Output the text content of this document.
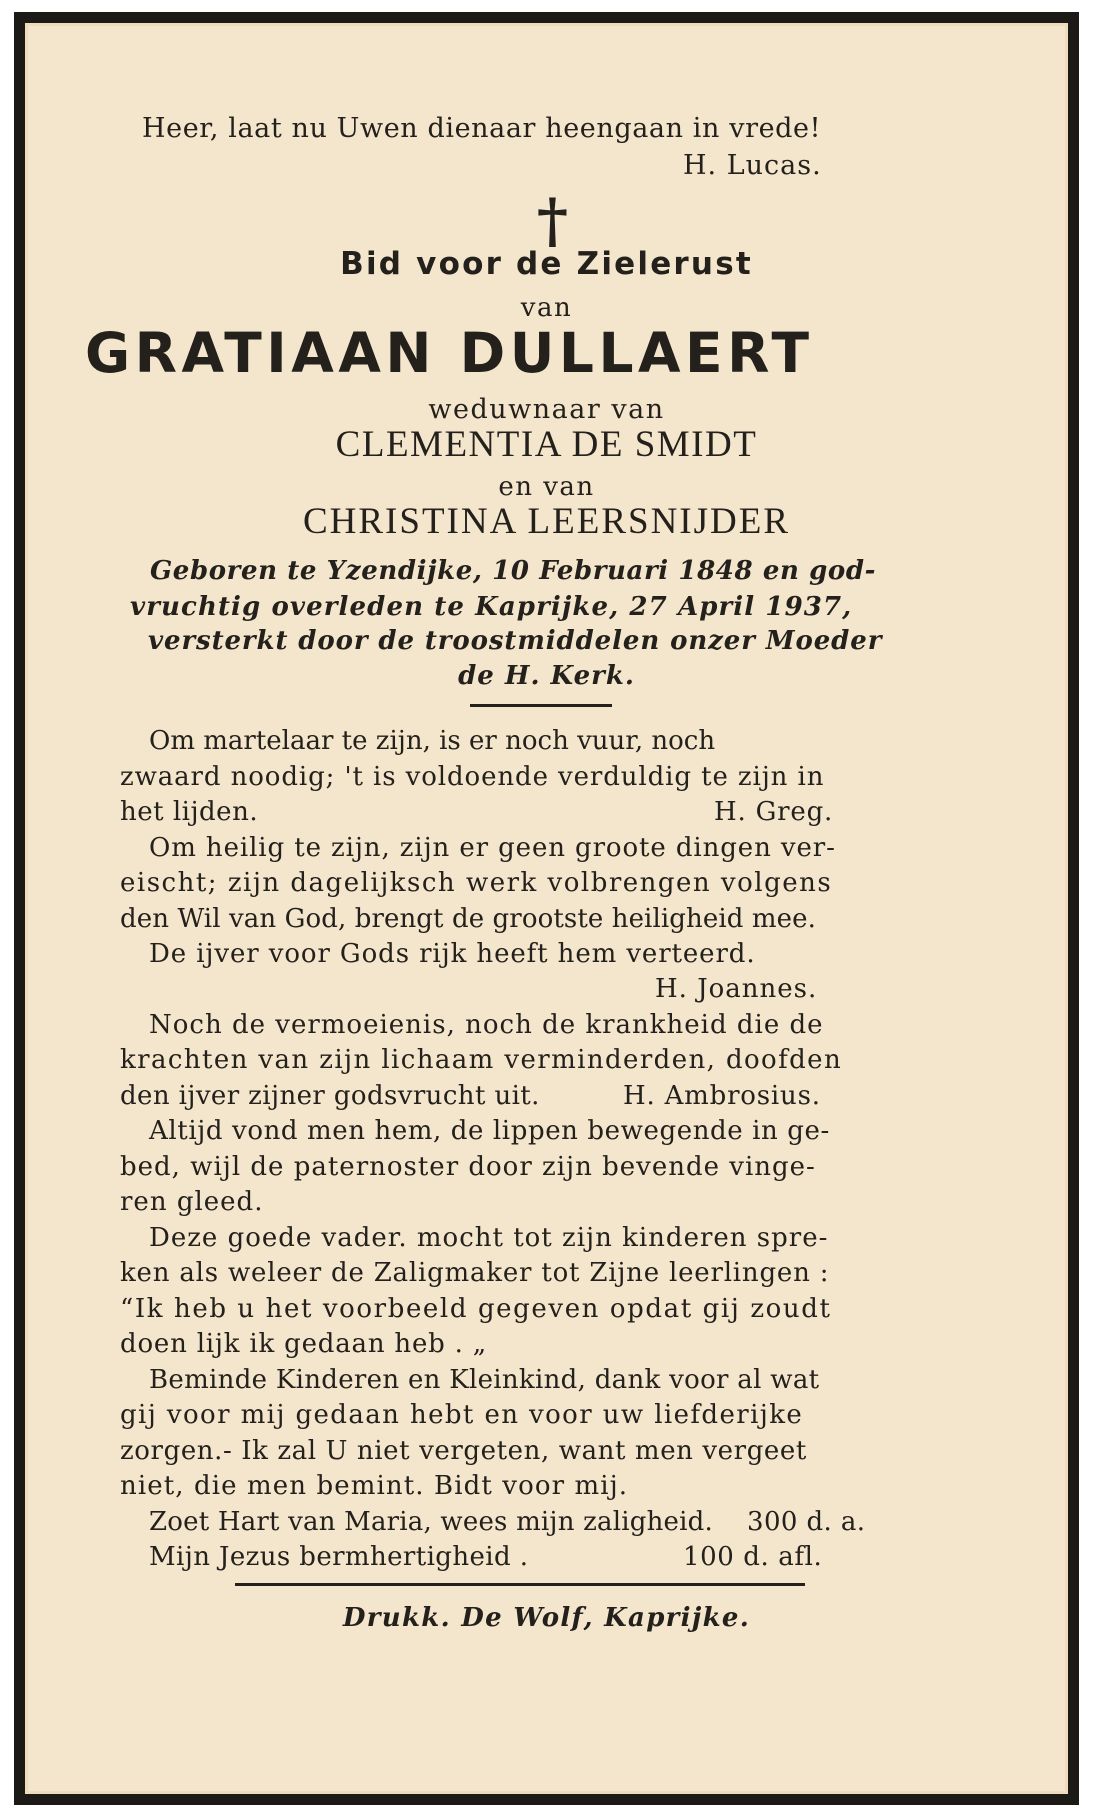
Heer, laat nu Uwen dienaar heengaan in vrede!
H. Lucas.
†
Bid voor de Zielerust
van
GRATIAAN DULLAERT
weduwnaar van
CLEMENTIA DE SMIDT
en van
CHRISTINA LEERSNIJDER
Geboren te Yzendijke, 10 Februari 1848 en god-
vruchtig overleden te Kaprijke, 27 April 1937,
versterkt door de troostmiddelen onzer Moeder
de H. Kerk.
Om martelaar te zijn, is er noch vuur, noch
zwaard noodig; 't is voldoende verduldig te zijn in
het lijden.	H. Greg.
Om heilig te zijn, zijn er geen groote dingen ver-
eischt; zijn dagelijksch werk volbrengen volgens
den Wil van God, brengt de grootste heiligheid mee.
De ijver voor Gods rijk heeft hem verteerd.
H. Joannes.
Noch de vermoeienis, noch de krankheid die de
krachten van zijn lichaam verminderden, doofden
den ijver zijner godsvrucht uit.	H. Ambrosius.
Altijd vond men hem, de lippen bewegende in ge-
bed, wijl de paternoster door zijn bevende vinge-
ren gleed.
Deze goede vader. mocht tot zijn kinderen spre-
ken als weleer de Zaligmaker tot Zijne leerlingen :
“Ik heb u het voorbeeld gegeven opdat gij zoudt
doen lijk ik gedaan heb . „
Beminde Kinderen en Kleinkind, dank voor al wat
gij voor mij gedaan hebt en voor uw liefderijke
zorgen.- Ik zal U niet vergeten, want men vergeet
niet, die men bemint. Bidt voor mij.
Zoet Hart van Maria, wees mijn zaligheid. 300 d. a.
Mijn Jezus bermhertigheid .	100 d. afl.
Drukk. De Wolf, Kaprijke.
